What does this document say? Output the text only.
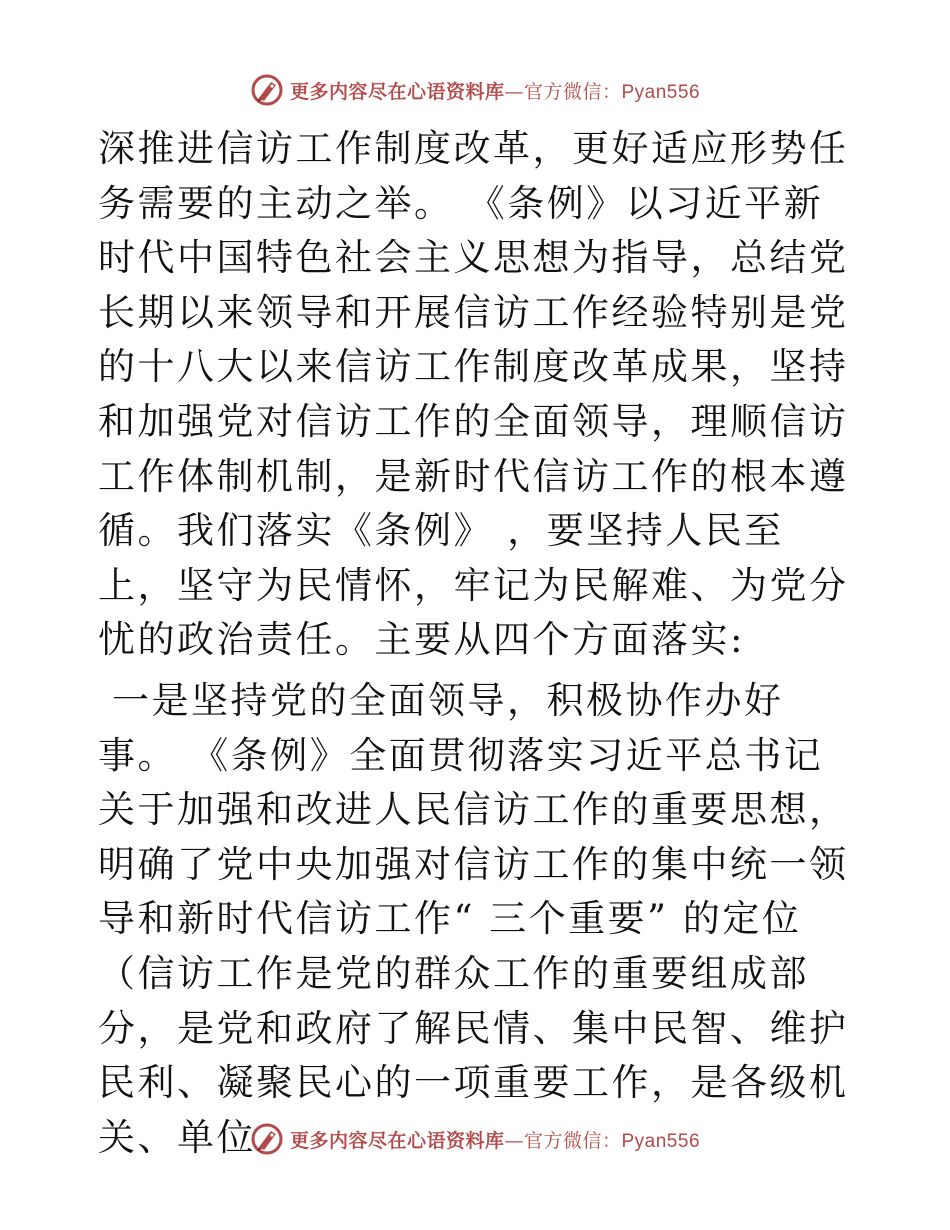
更多内容尽在心语资料库—官方微信：Pyan556

深推进信访工作制度改革，更好适应形势任务需要的主动之举。 《条例》以习近平新时代中国特色社会主义思想为指导，总结党长期以来领导和开展信访工作经验特别是党的十八大以来信访工作制度改革成果，坚持和加强党对信访工作的全面领导，理顺信访工作体制机制，是新时代信访工作的根本遵循。我们落实《条例》 ，要坚持人民至上，坚守为民情怀，牢记为民解难、为党分忧的政治责任。主要从四个方面落实:

一是坚持党的全面领导，积极协作办好事。 《条例》全面贯彻落实习近平总书记关于加强和改进人民信访工作的重要思想，明确了党中央加强对信访工作的集中统一领导和新时代信访工作“ 三个重要” 的定位（信访工作是党的群众工作的重要组成部分，是党和政府了解民情、集中民智、维护民利、凝聚民心的一项重要工作，是各级机关、单位	更多内容尽在心语资料库—官方微信：Pyan556
